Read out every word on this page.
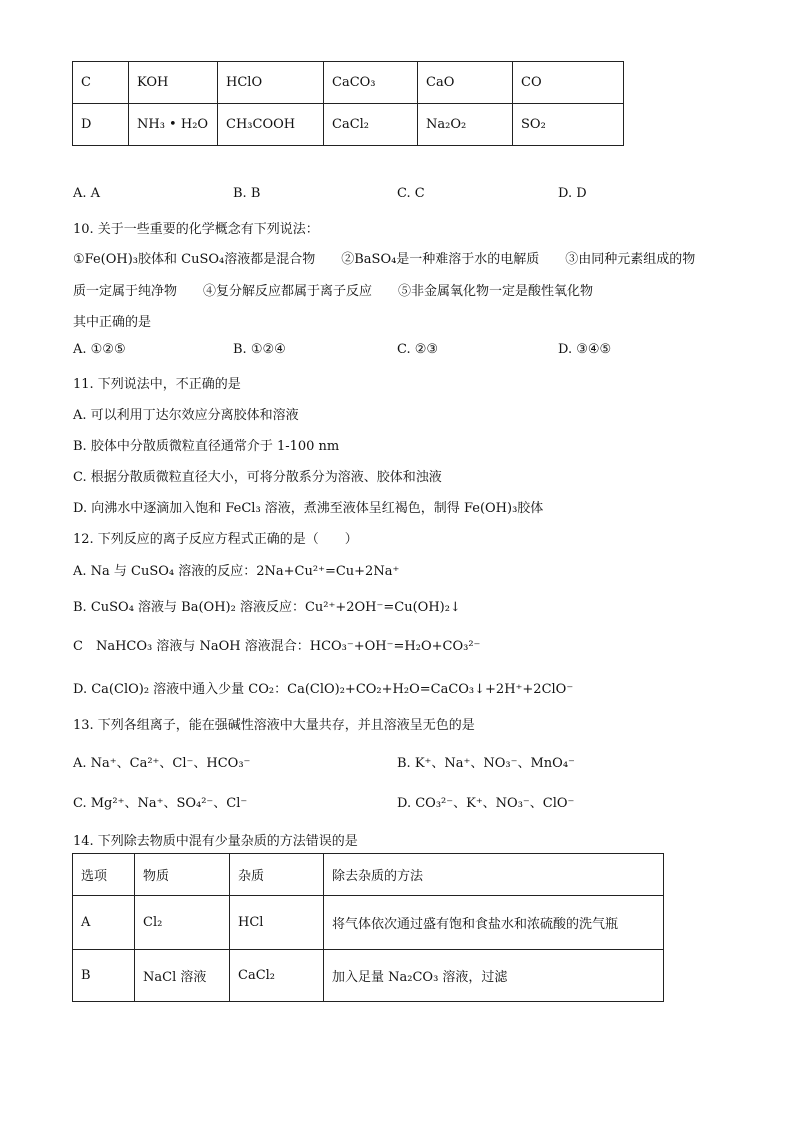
C	KOH	HClO	CaCO₃	CaO	CO
D	NH₃ • H₂O	CH₃COOH	CaCl₂	Na₂O₂	SO₂
A. A	B. B	C. C	D. D
10. 关于一些重要的化学概念有下列说法：
①Fe(OH)₃胶体和 CuSO₄溶液都是混合物　　②BaSO₄是一种难溶于水的电解质　　③由同种元素组成的物
质一定属于纯净物　　④复分解反应都属于离子反应　　⑤非金属氧化物一定是酸性氧化物
其中正确的是
A. ①②⑤	B. ①②④	C. ②③	D. ③④⑤
11. 下列说法中，不正确的是
A. 可以利用丁达尔效应分离胶体和溶液
B. 胶体中分散质微粒直径通常介于 1-100 nm
C. 根据分散质微粒直径大小，可将分散系分为溶液、胶体和浊液
D. 向沸水中逐滴加入饱和 FeCl₃ 溶液，煮沸至液体呈红褐色，制得 Fe(OH)₃胶体
12. 下列反应的离子反应方程式正确的是（　　）
A. Na 与 CuSO₄ 溶液的反应：2Na+Cu²⁺=Cu+2Na⁺
B. CuSO₄ 溶液与 Ba(OH)₂ 溶液反应：Cu²⁺+2OH⁻=Cu(OH)₂↓
C　NaHCO₃ 溶液与 NaOH 溶液混合：HCO₃⁻+OH⁻=H₂O+CO₃²⁻
D. Ca(ClO)₂ 溶液中通入少量 CO₂：Ca(ClO)₂+CO₂+H₂O=CaCO₃↓+2H⁺+2ClO⁻
13. 下列各组离子，能在强碱性溶液中大量共存，并且溶液呈无色的是
A. Na⁺、Ca²⁺、Cl⁻、HCO₃⁻	B. K⁺、Na⁺、NO₃⁻、MnO₄⁻
C. Mg²⁺、Na⁺、SO₄²⁻、Cl⁻	D. CO₃²⁻、K⁺、NO₃⁻、ClO⁻
14. 下列除去物质中混有少量杂质的方法错误的是
选项	物质	杂质	除去杂质的方法
A	Cl₂	HCl	将气体依次通过盛有饱和食盐水和浓硫酸的洗气瓶
B	NaCl 溶液	CaCl₂	加入足量 Na₂CO₃ 溶液，过滤
